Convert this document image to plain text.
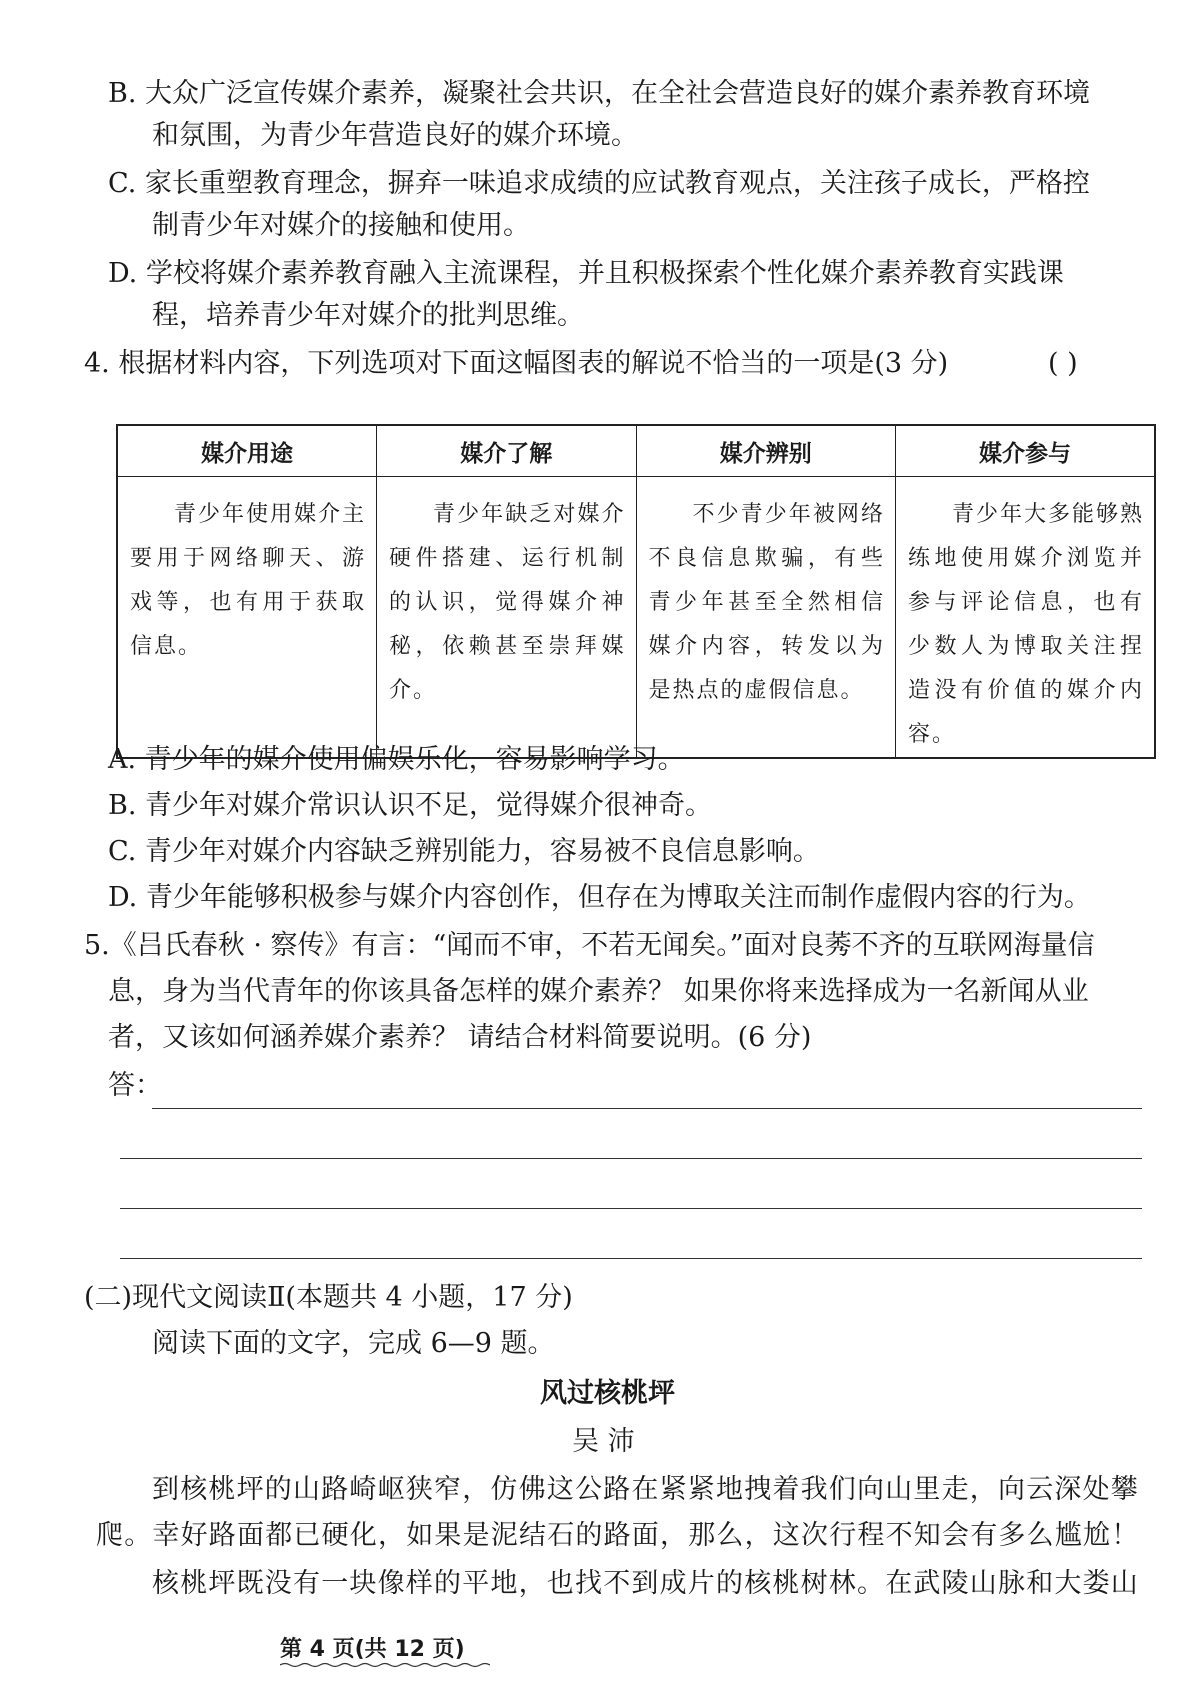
B. 大众广泛宣传媒介素养，凝聚社会共识，在全社会营造良好的媒介素养教育环境
和氛围，为青少年营造良好的媒介环境。
C. 家长重塑教育理念，摒弃一味追求成绩的应试教育观点，关注孩子成长，严格控
制青少年对媒介的接触和使用。
D. 学校将媒介素养教育融入主流课程，并且积极探索个性化媒介素养教育实践课
程，培养青少年对媒介的批判思维。
4. 根据材料内容，下列选项对下面这幅图表的解说不恰当的一项是(3 分)	( )
媒介用途	媒介了解	媒介辨别	媒介参与
青少年使用媒介主要用于网络聊天、游戏等，也有用于获取信息。	青少年缺乏对媒介硬件搭建、运行机制的认识，觉得媒介神秘，依赖甚至崇拜媒介。	不少青少年被网络不良信息欺骗，有些青少年甚至全然相信媒介内容，转发以为是热点的虚假信息。	青少年大多能够熟练地使用媒介浏览并参与评论信息，也有少数人为博取关注捏造没有价值的媒介内容。
A. 青少年的媒介使用偏娱乐化，容易影响学习。
B. 青少年对媒介常识认识不足，觉得媒介很神奇。
C. 青少年对媒介内容缺乏辨别能力，容易被不良信息影响。
D. 青少年能够积极参与媒介内容创作，但存在为博取关注而制作虚假内容的行为。
5.《吕氏春秋 · 察传》有言：“闻而不审，不若无闻矣。”面对良莠不齐的互联网海量信
息，身为当代青年的你该具备怎样的媒介素养？ 如果你将来选择成为一名新闻从业
者，又该如何涵养媒介素养？ 请结合材料简要说明。(6 分)
答：
(二)现代文阅读Ⅱ(本题共 4 小题，17 分)
阅读下面的文字，完成 6—9 题。
风过核桃坪
吴 沛
到核桃坪的山路崎岖狭窄，仿佛这公路在紧紧地拽着我们向山里走，向云深处攀
爬。幸好路面都已硬化，如果是泥结石的路面，那么，这次行程不知会有多么尴尬！
核桃坪既没有一块像样的平地，也找不到成片的核桃树林。在武陵山脉和大娄山
第 4 页(共 12 页)
